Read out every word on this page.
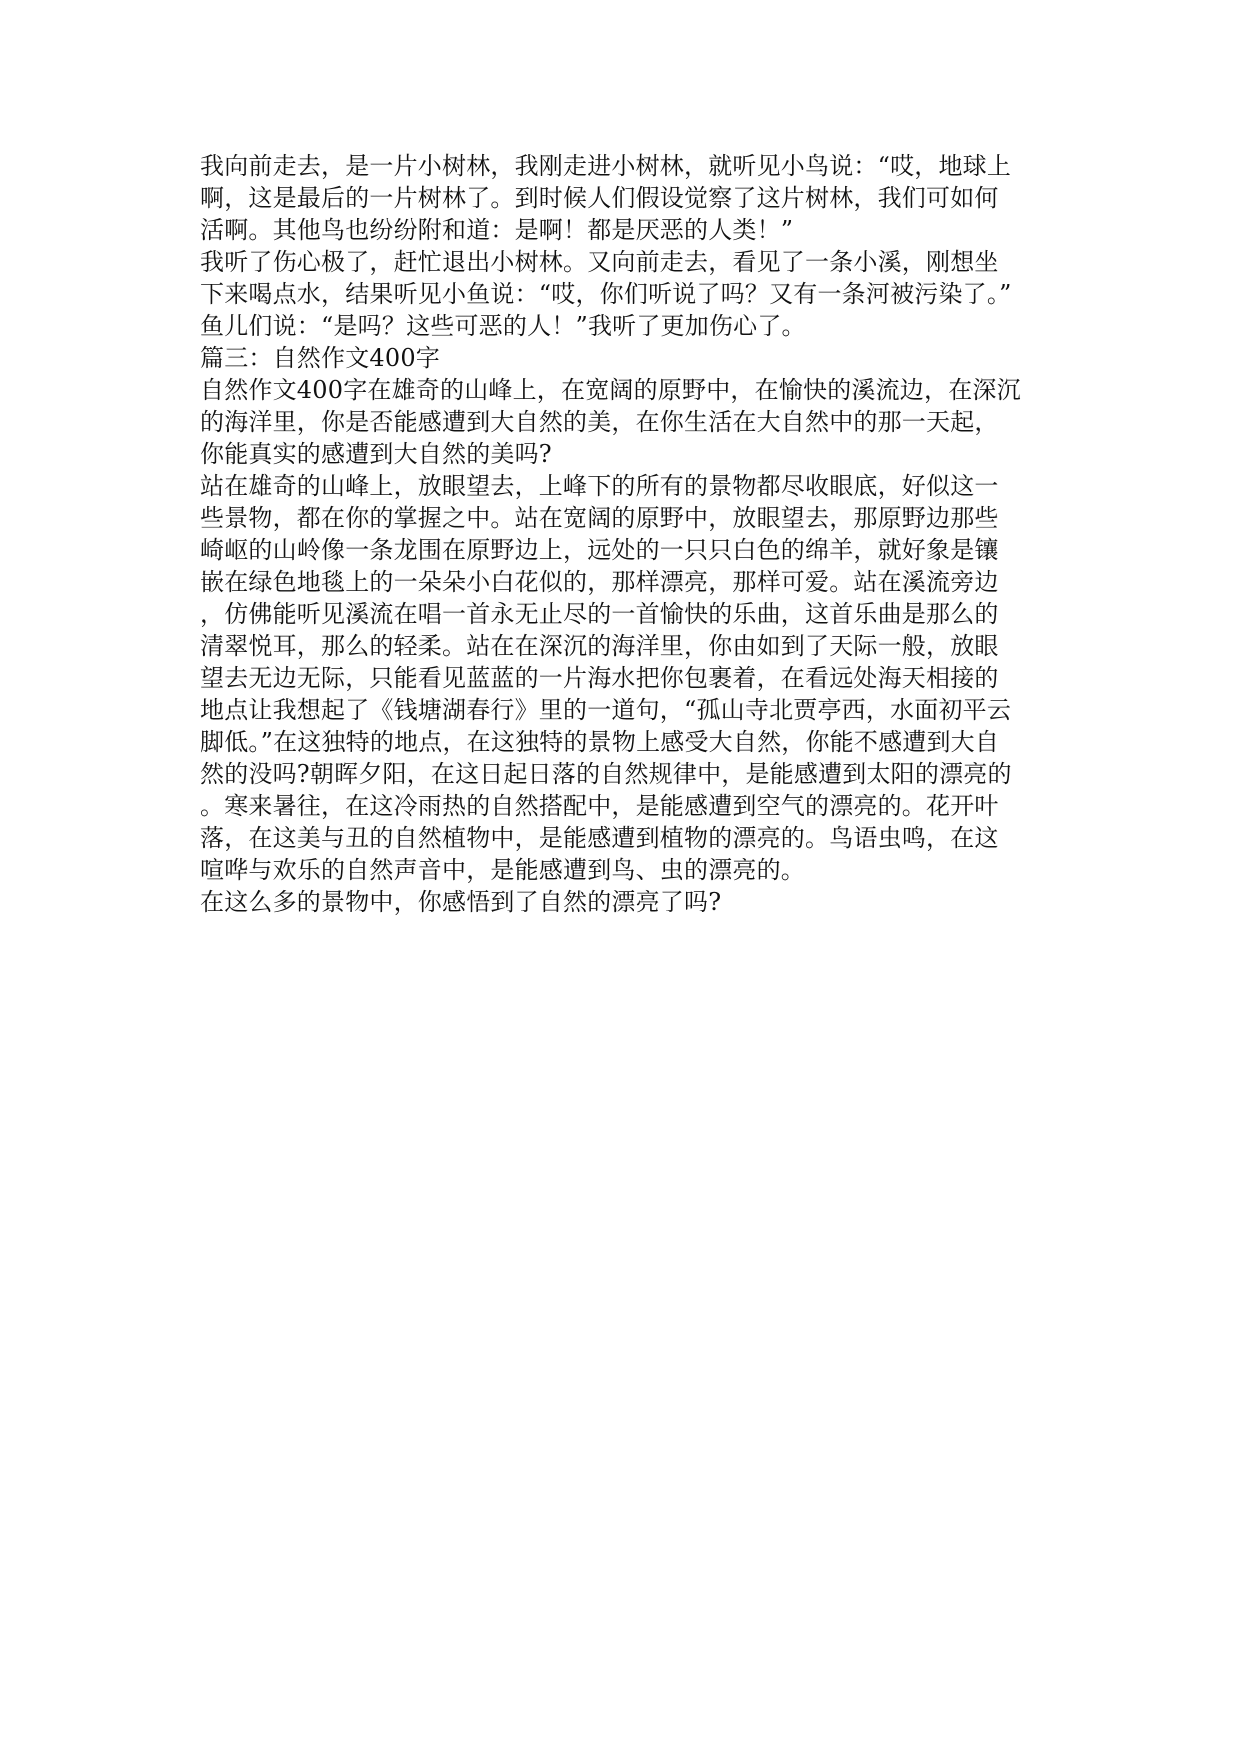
我向前走去，是一片小树林，我刚走进小树林，就听见小鸟说：“哎，地球上
啊，这是最后的一片树林了。到时候人们假设觉察了这片树林，我们可如何
活啊。其他鸟也纷纷附和道：是啊！都是厌恶的人类！”
我听了伤心极了，赶忙退出小树林。又向前走去，看见了一条小溪，刚想坐
下来喝点水，结果听见小鱼说：“哎，你们听说了吗？又有一条河被污染了。”
鱼儿们说：“是吗？这些可恶的人！”我听了更加伤心了。
篇三：自然作文400字
自然作文400字在雄奇的山峰上，在宽阔的原野中，在愉快的溪流边，在深沉
的海洋里，你是否能感遭到大自然的美，在你生活在大自然中的那一天起，
你能真实的感遭到大自然的美吗?
站在雄奇的山峰上，放眼望去，上峰下的所有的景物都尽收眼底，好似这一
些景物，都在你的掌握之中。站在宽阔的原野中，放眼望去，那原野边那些
崎岖的山岭像一条龙围在原野边上，远处的一只只白色的绵羊，就好象是镶
嵌在绿色地毯上的一朵朵小白花似的，那样漂亮，那样可爱。站在溪流旁边
，仿佛能听见溪流在唱一首永无止尽的一首愉快的乐曲，这首乐曲是那么的
清翠悦耳，那么的轻柔。站在在深沉的海洋里，你由如到了天际一般，放眼
望去无边无际，只能看见蓝蓝的一片海水把你包裹着，在看远处海天相接的
地点让我想起了《钱塘湖春行》里的一道句，“孤山寺北贾亭西，水面初平云
脚低。”在这独特的地点，在这独特的景物上感受大自然，你能不感遭到大自
然的没吗?朝晖夕阳，在这日起日落的自然规律中，是能感遭到太阳的漂亮的
。寒来暑往，在这冷雨热的自然搭配中，是能感遭到空气的漂亮的。花开叶
落，在这美与丑的自然植物中，是能感遭到植物的漂亮的。鸟语虫鸣，在这
喧哗与欢乐的自然声音中，是能感遭到鸟、虫的漂亮的。
在这么多的景物中，你感悟到了自然的漂亮了吗?
